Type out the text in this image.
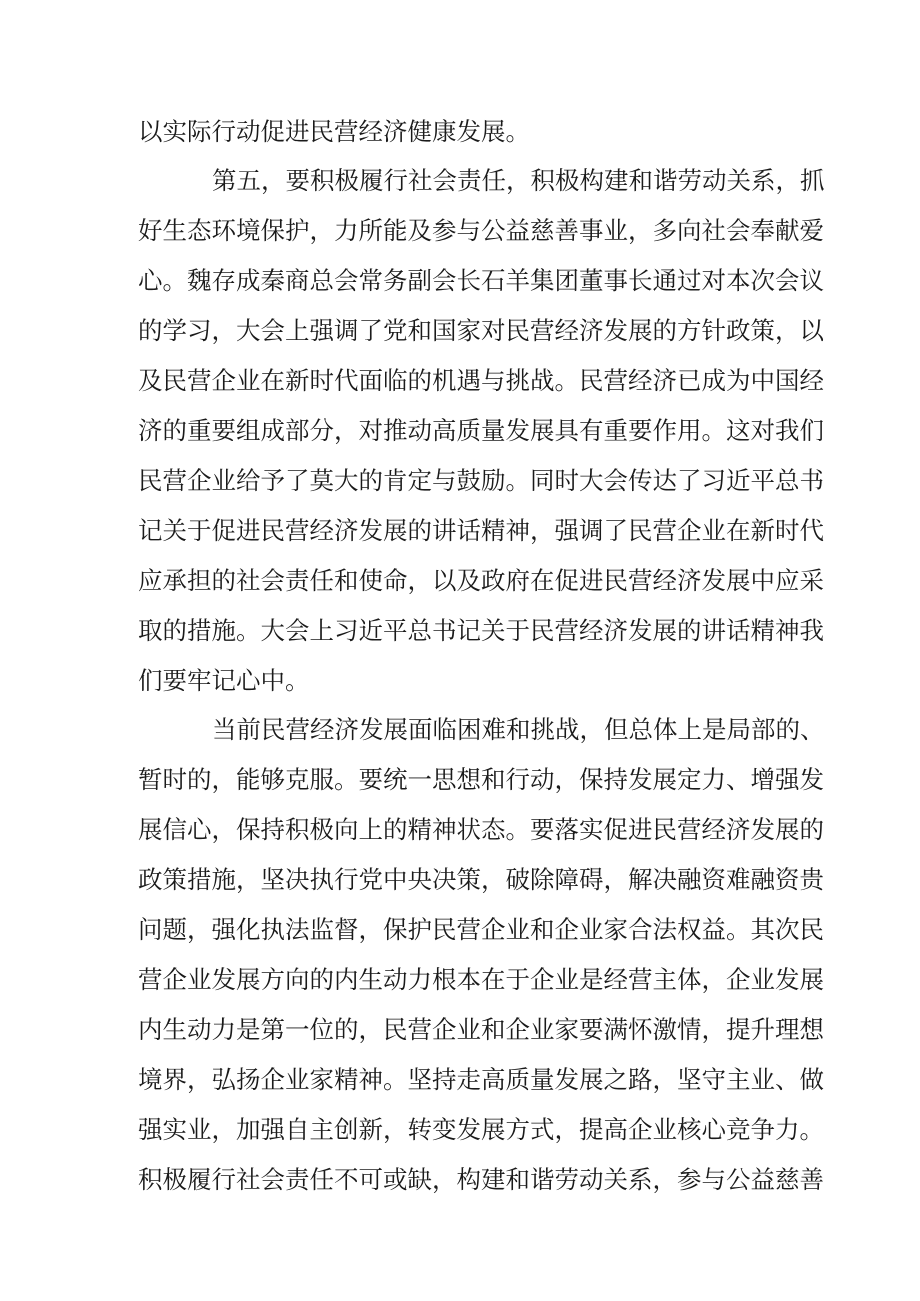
以实际行动促进民营经济健康发展。
第五，要积极履行社会责任，积极构建和谐劳动关系，抓
好生态环境保护，力所能及参与公益慈善事业，多向社会奉献爱
心。魏存成秦商总会常务副会长石羊集团董事长通过对本次会议
的学习，大会上强调了党和国家对民营经济发展的方针政策，以
及民营企业在新时代面临的机遇与挑战。民营经济已成为中国经
济的重要组成部分，对推动高质量发展具有重要作用。这对我们
民营企业给予了莫大的肯定与鼓励。同时大会传达了习近平总书
记关于促进民营经济发展的讲话精神，强调了民营企业在新时代
应承担的社会责任和使命，以及政府在促进民营经济发展中应采
取的措施。大会上习近平总书记关于民营经济发展的讲话精神我
们要牢记心中。
当前民营经济发展面临困难和挑战，但总体上是局部的、
暂时的，能够克服。要统一思想和行动，保持发展定力、增强发
展信心，保持积极向上的精神状态。要落实促进民营经济发展的
政策措施，坚决执行党中央决策，破除障碍，解决融资难融资贵
问题，强化执法监督，保护民营企业和企业家合法权益。其次民
营企业发展方向的内生动力根本在于企业是经营主体，企业发展
内生动力是第一位的，民营企业和企业家要满怀激情，提升理想
境界，弘扬企业家精神。坚持走高质量发展之路，坚守主业、做
强实业，加强自主创新，转变发展方式，提高企业核心竞争力。
积极履行社会责任不可或缺，构建和谐劳动关系，参与公益慈善
